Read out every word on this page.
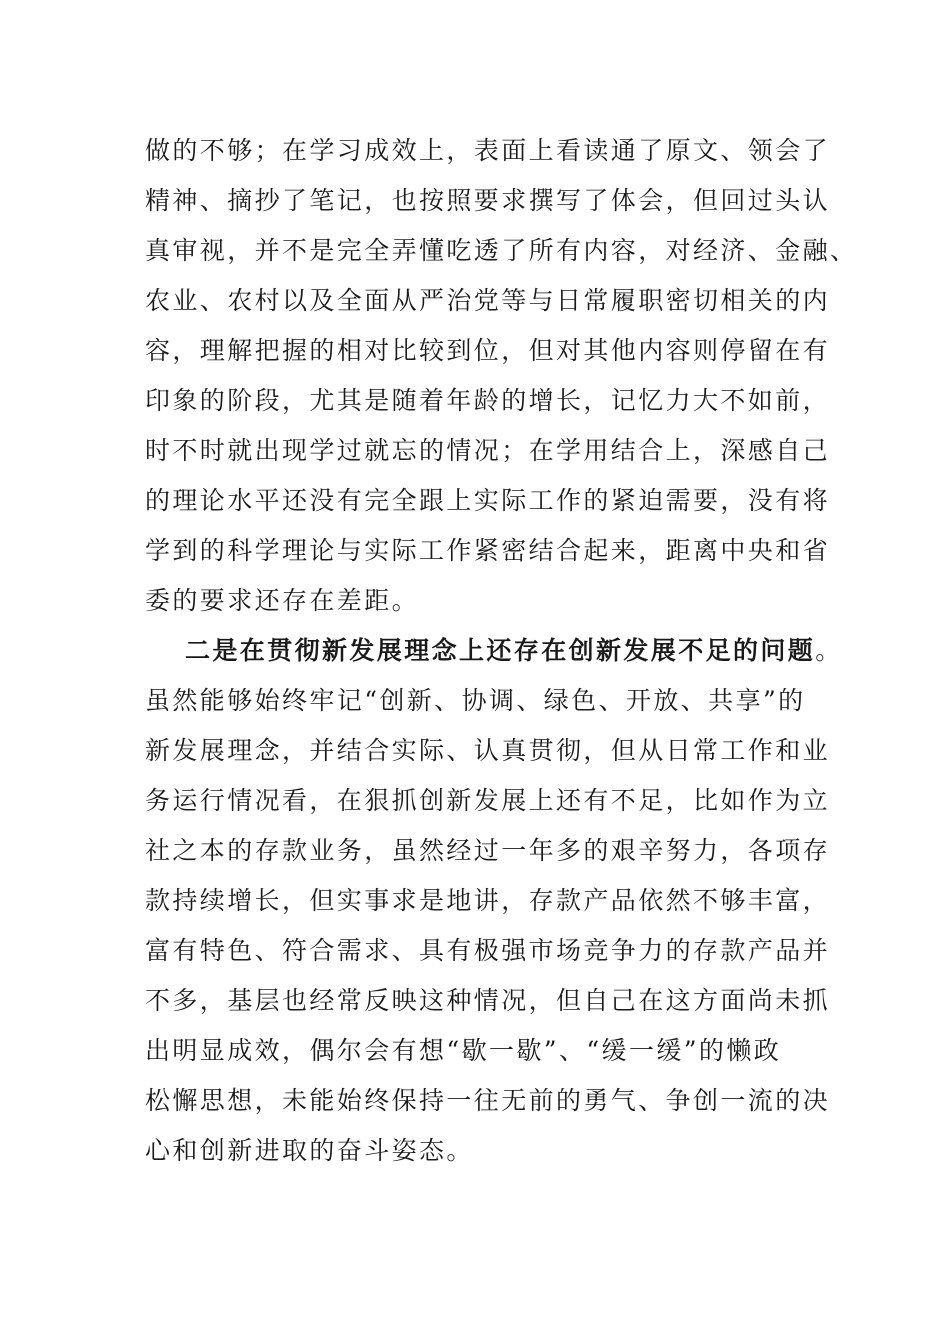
做的不够；在学习成效上，表面上看读通了原文、领会了
精神、摘抄了笔记，也按照要求撰写了体会，但回过头认
真审视，并不是完全弄懂吃透了所有内容，对经济、金融、
农业、农村以及全面从严治党等与日常履职密切相关的内
容，理解把握的相对比较到位，但对其他内容则停留在有
印象的阶段，尤其是随着年龄的增长，记忆力大不如前，
时不时就出现学过就忘的情况；在学用结合上，深感自己
的理论水平还没有完全跟上实际工作的紧迫需要，没有将
学到的科学理论与实际工作紧密结合起来，距离中央和省
委的要求还存在差距。
二是在贯彻新发展理念上还存在创新发展不足的问题。
虽然能够始终牢记“创新、协调、绿色、开放、共享”的
新发展理念，并结合实际、认真贯彻，但从日常工作和业
务运行情况看，在狠抓创新发展上还有不足，比如作为立
社之本的存款业务，虽然经过一年多的艰辛努力，各项存
款持续增长，但实事求是地讲，存款产品依然不够丰富，
富有特色、符合需求、具有极强市场竞争力的存款产品并
不多，基层也经常反映这种情况，但自己在这方面尚未抓
出明显成效，偶尔会有想“歇一歇”、“缓一缓”的懒政
松懈思想，未能始终保持一往无前的勇气、争创一流的决
心和创新进取的奋斗姿态。
